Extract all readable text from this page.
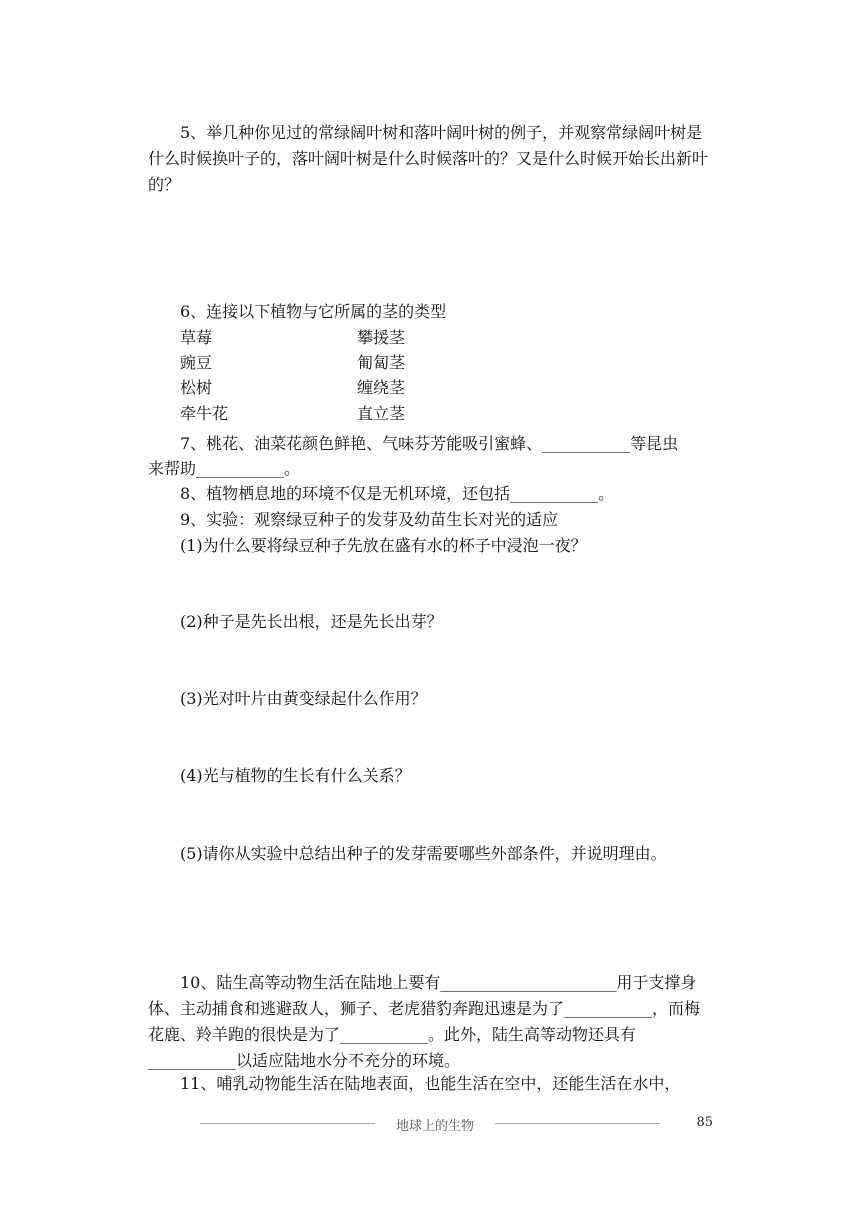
5、举几种你见过的常绿阔叶树和落叶阔叶树的例子，并观察常绿阔叶树是什么时候换叶子的，落叶阔叶树是什么时候落叶的？又是什么时候开始长出新叶的？
6、连接以下植物与它所属的茎的类型
草莓	攀援茎
豌豆	匍匐茎
松树	缠绕茎
牵牛花	直立茎
7、桃花、油菜花颜色鲜艳、气味芬芳能吸引蜜蜂、___________等昆虫
来帮助___________。
8、植物栖息地的环境不仅是无机环境，还包括___________。
9、实验：观察绿豆种子的发芽及幼苗生长对光的适应
(1)为什么要将绿豆种子先放在盛有水的杯子中浸泡一夜？
(2)种子是先长出根，还是先长出芽？
(3)光对叶片由黄变绿起什么作用？
(4)光与植物的生长有什么关系？
(5)请你从实验中总结出种子的发芽需要哪些外部条件，并说明理由。
10、陆生高等动物生活在陆地上要有______________________用于支撑身体、主动捕食和逃避敌人，狮子、老虎猎豹奔跑迅速是为了___________，而梅花鹿、羚羊跑的很快是为了___________。此外，陆生高等动物还具有___________以适应陆地水分不充分的环境。
11、哺乳动物能生活在陆地表面，也能生活在空中，还能生活在水中，
地球上的生物	85
